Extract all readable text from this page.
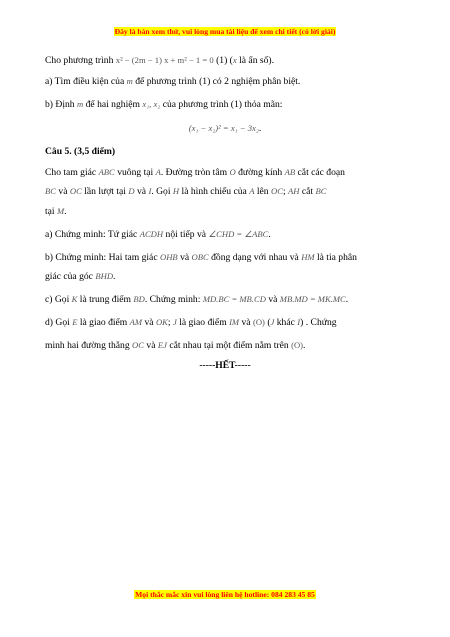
Đây là bản xem thử, vui lòng mua tài liệu để xem chi tiết (có lời giải)
Cho phương trình x² − (2m − 1) x + m² − 1 = 0 (1) (x là ẩn số).
a) Tìm điều kiện của m để phương trình (1) có 2 nghiệm phân biệt.
b) Định m để hai nghiệm x₁, x₂ của phương trình (1) thỏa mãn:
(x₁ − x₂)² = x₁ − 3x₂.
Câu 5. (3,5 điểm)
Cho tam giác ABC vuông tại A. Đường tròn tâm O đường kính AB cắt các đoạn
BC và OC lần lượt tại D và I. Gọi H là hình chiếu của A lên OC; AH cắt BC
tại M.
a) Chứng minh: Tứ giác ACDH nội tiếp và ∠CHD = ∠ABC.
b) Chứng minh: Hai tam giác OHB và OBC đồng dạng với nhau và HM là tia phân
giác của góc BHD.
c) Gọi K là trung điểm BD. Chứng minh: MD.BC = MB.CD và MB.MD = MK.MC.
d) Gọi E là giao điểm AM và OK; J là giao điểm IM và (O) (J khác I) . Chứng
minh hai đường thẳng OC và EJ cắt nhau tại một điểm nằm trên (O).
-----HẾT-----
Mọi thắc mắc xin vui lòng liên hệ hotline: 084 283 45 85
